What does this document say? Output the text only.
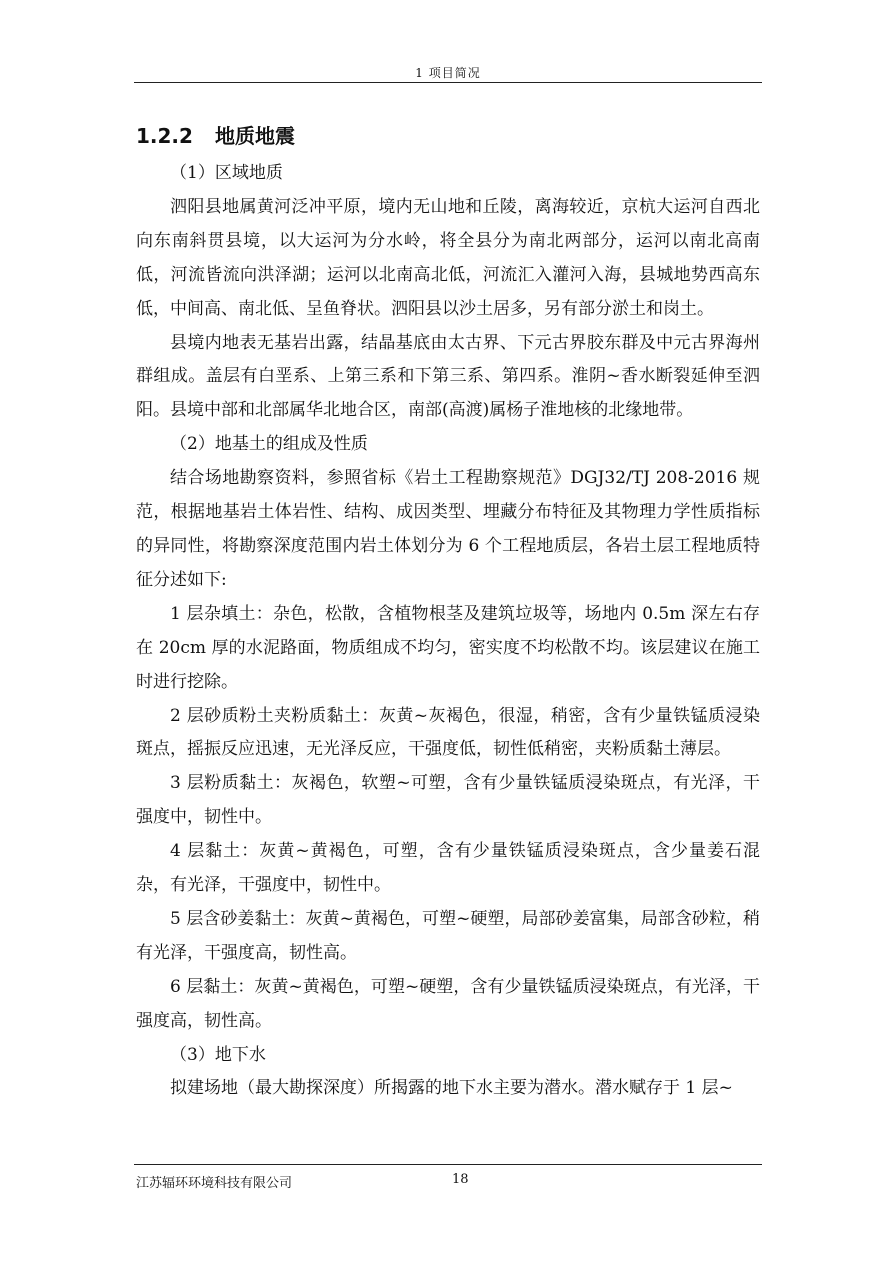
1 项目简况
1.2.2 地质地震

（1）区域地质

泗阳县地属黄河泛冲平原，境内无山地和丘陵，离海较近，京杭大运河自西北向东南斜贯县境，以大运河为分水岭，将全县分为南北两部分，运河以南北高南低，河流皆流向洪泽湖；运河以北南高北低，河流汇入灌河入海，县城地势西高东低，中间高、南北低、呈鱼脊状。泗阳县以沙土居多，另有部分淤土和岗土。

县境内地表无基岩出露，结晶基底由太古界、下元古界胶东群及中元古界海州群组成。盖层有白垩系、上第三系和下第三系、第四系。淮阴~香水断裂延伸至泗阳。县境中部和北部属华北地合区，南部(高渡)属杨子淮地核的北缘地带。

（2）地基土的组成及性质

结合场地勘察资料，参照省标《岩土工程勘察规范》DGJ32/TJ 208-2016 规范，根据地基岩土体岩性、结构、成因类型、埋藏分布特征及其物理力学性质指标的异同性，将勘察深度范围内岩土体划分为 6 个工程地质层，各岩土层工程地质特征分述如下:

1 层杂填土：杂色，松散，含植物根茎及建筑垃圾等，场地内 0.5m 深左右存在 20cm 厚的水泥路面，物质组成不均匀，密实度不均松散不均。该层建议在施工时进行挖除。

2 层砂质粉土夹粉质黏土：灰黄~灰褐色，很湿，稍密，含有少量铁锰质浸染斑点，摇振反应迅速，无光泽反应，干强度低，韧性低稍密，夹粉质黏土薄层。

3 层粉质黏土：灰褐色，软塑~可塑，含有少量铁锰质浸染斑点，有光泽，干强度中，韧性中。

4 层黏土：灰黄~黄褐色，可塑，含有少量铁锰质浸染斑点，含少量姜石混杂，有光泽，干强度中，韧性中。

5 层含砂姜黏土：灰黄~黄褐色，可塑~硬塑，局部砂姜富集，局部含砂粒，稍有光泽，干强度高，韧性高。

6 层黏土：灰黄~黄褐色，可塑~硬塑，含有少量铁锰质浸染斑点，有光泽，干强度高，韧性高。

（3）地下水

拟建场地（最大勘探深度）所揭露的地下水主要为潜水。潜水赋存于 1 层~

江苏辐环环境科技有限公司	18
